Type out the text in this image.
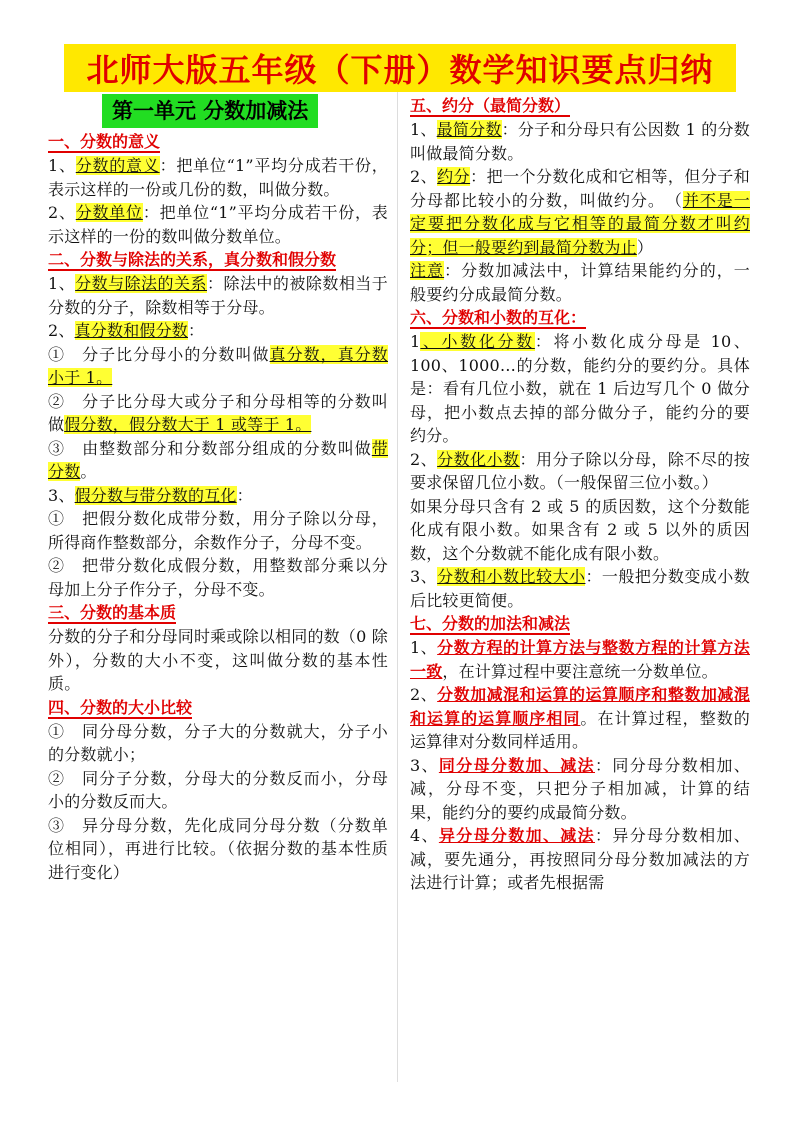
北师大版五年级（下册）数学知识要点归纳
第一单元 分数加减法
一、分数的意义
1、分数的意义：把单位“1”平均分成若干份，表示这样的一份或几份的数，叫做分数。
2、分数单位：把单位“1”平均分成若干份，表示这样的一份的数叫做分数单位。
二、分数与除法的关系，真分数和假分数
1、分数与除法的关系：除法中的被除数相当于分数的分子，除数相等于分母。
2、真分数和假分数：
①　分子比分母小的分数叫做真分数，真分数小于 1。
②　分子比分母大或分子和分母相等的分数叫做假分数，假分数大于 1 或等于 1。
③　由整数部分和分数部分组成的分数叫做带分数。
3、假分数与带分数的互化：
①　把假分数化成带分数，用分子除以分母，所得商作整数部分，余数作分子，分母不变。
②　把带分数化成假分数，用整数部分乘以分母加上分子作分子，分母不变。
三、分数的基本质
分数的分子和分母同时乘或除以相同的数（0 除外），分数的大小不变，这叫做分数的基本性质。
四、分数的大小比较
①　同分母分数，分子大的分数就大，分子小的分数就小；
②　同分子分数，分母大的分数反而小，分母小的分数反而大。
③　异分母分数，先化成同分母分数（分数单位相同），再进行比较。（依据分数的基本性质进行变化）
五、约分（最简分数）
1、最简分数：分子和分母只有公因数 1 的分数叫做最简分数。
2、约分：把一个分数化成和它相等，但分子和分母都比较小的分数，叫做约分。　（并不是一定要把分数化成与它相等的最简分数才叫约分；但一般要约到最简分数为止）
注意：分数加减法中，计算结果能约分的，一般要约分成最简分数。
六、分数和小数的互化：
1、小数化分数：将小数化成分母是 10、100、1000…的分数，能约分的要约分。具体是：看有几位小数，就在 1 后边写几个 0 做分母，把小数点去掉的部分做分子，能约分的要约分。
2、分数化小数：用分子除以分母，除不尽的按要求保留几位小数。（一般保留三位小数。）
如果分母只含有 2 或 5 的质因数，这个分数能化成有限小数。如果含有 2 或 5 以外的质因数，这个分数就不能化成有限小数。
3、分数和小数比较大小：一般把分数变成小数后比较更简便。
七、分数的加法和减法
1、分数方程的计算方法与整数方程的计算方法一致，在计算过程中要注意统一分数单位。
2、分数加减混和运算的运算顺序和整数加减混和运算的运算顺序相同。在计算过程，整数的运算律对分数同样适用。
3、同分母分数加、减法：同分母分数相加、减，分母不变，只把分子相加减，计算的结果，能约分的要约成最简分数。
4、异分母分数加、减法：异分母分数相加、减，要先通分，再按照同分母分数加减法的方法进行计算；或者先根据需
